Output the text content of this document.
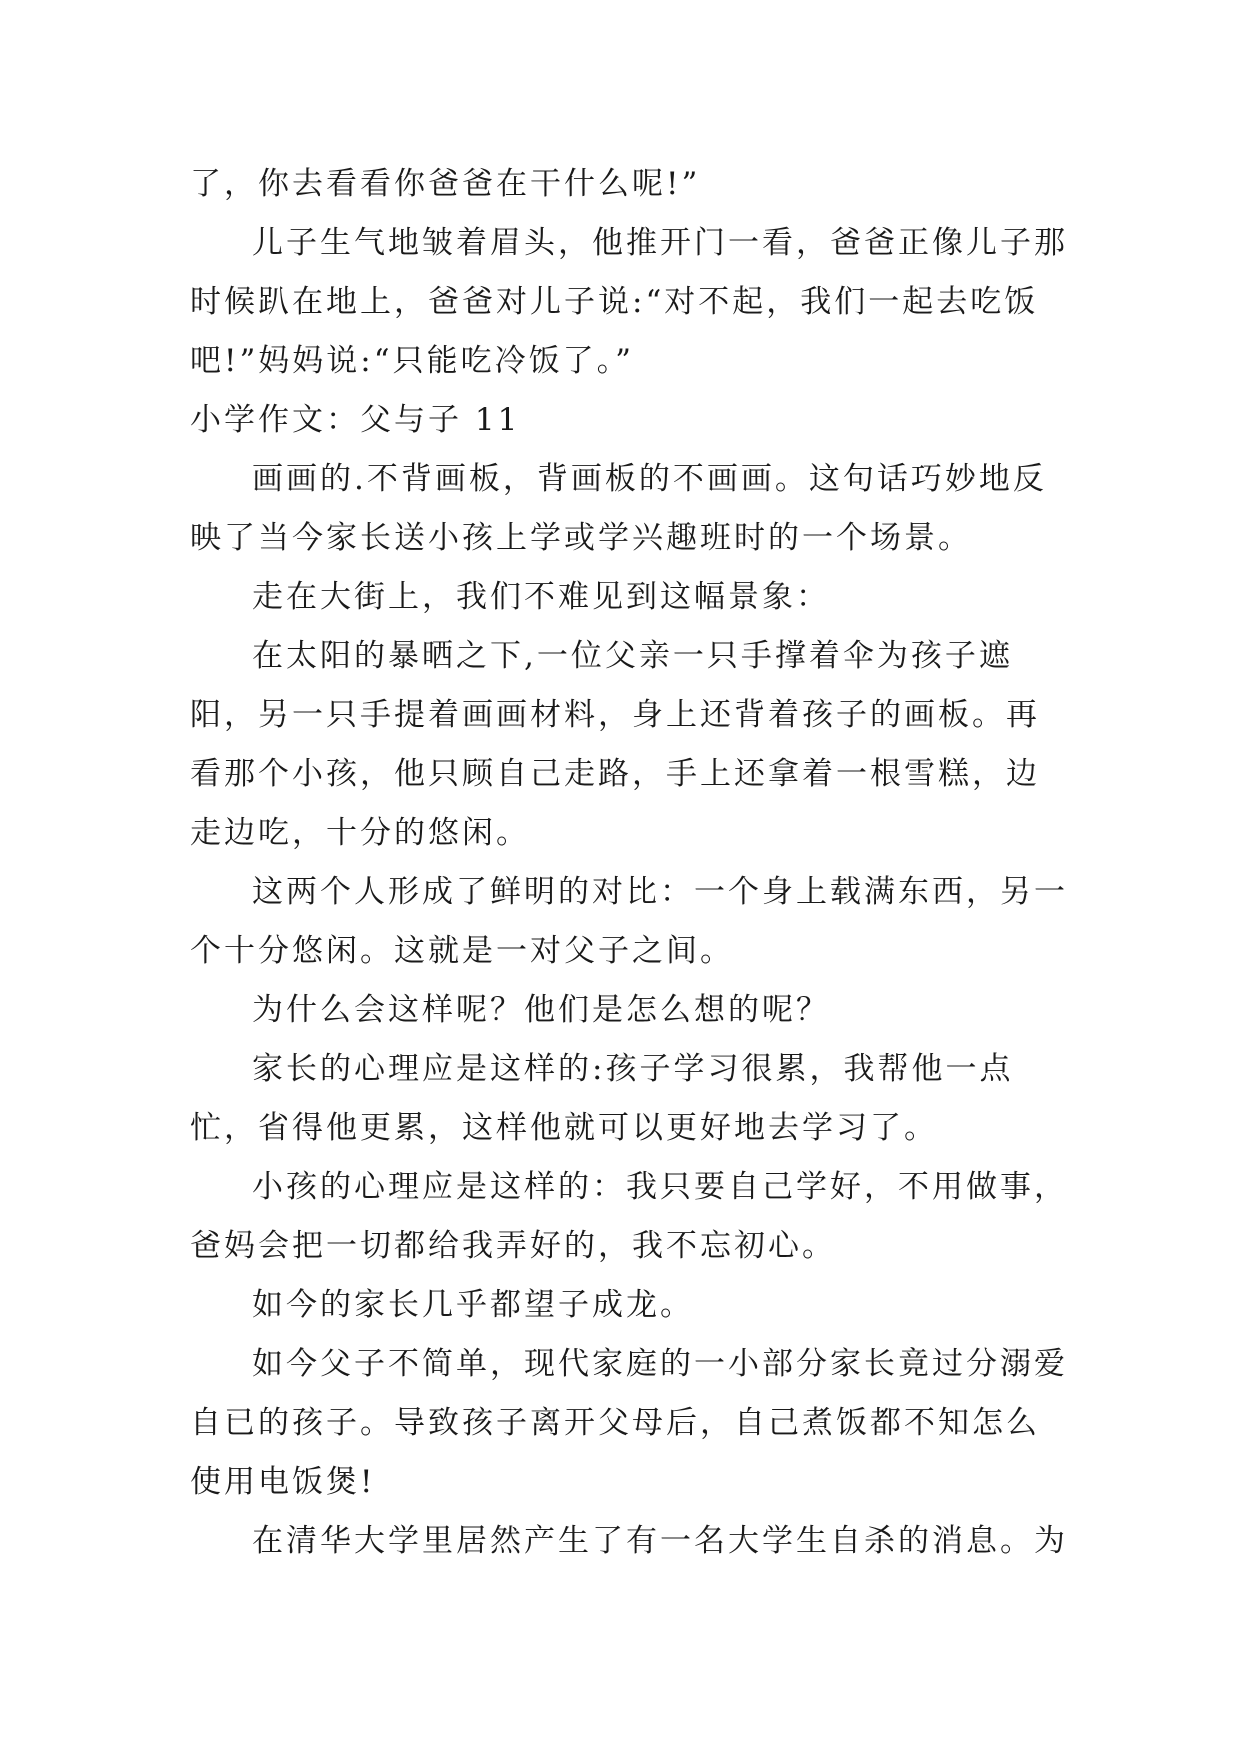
了，你去看看你爸爸在干什么呢!”

儿子生气地皱着眉头，他推开门一看，爸爸正像儿子那时候趴在地上，爸爸对儿子说:“对不起，我们一起去吃饭吧!”妈妈说:“只能吃冷饭了。”

小学作文：父与子 11

画画的.不背画板，背画板的不画画。这句话巧妙地反映了当今家长送小孩上学或学兴趣班时的一个场景。

走在大街上，我们不难见到这幅景象：

在太阳的暴晒之下,一位父亲一只手撑着伞为孩子遮阳，另一只手提着画画材料，身上还背着孩子的画板。再看那个小孩，他只顾自己走路，手上还拿着一根雪糕，边走边吃，十分的悠闲。

这两个人形成了鲜明的对比：一个身上载满东西，另一个十分悠闲。这就是一对父子之间。

为什么会这样呢？他们是怎么想的呢？

家长的心理应是这样的:孩子学习很累，我帮他一点忙，省得他更累，这样他就可以更好地去学习了。

小孩的心理应是这样的：我只要自己学好，不用做事，爸妈会把一切都给我弄好的，我不忘初心。

如今的家长几乎都望子成龙。

如今父子不简单，现代家庭的一小部分家长竟过分溺爱自已的孩子。导致孩子离开父母后，自己煮饭都不知怎么使用电饭煲!

在清华大学里居然产生了有一名大学生自杀的消息。为
